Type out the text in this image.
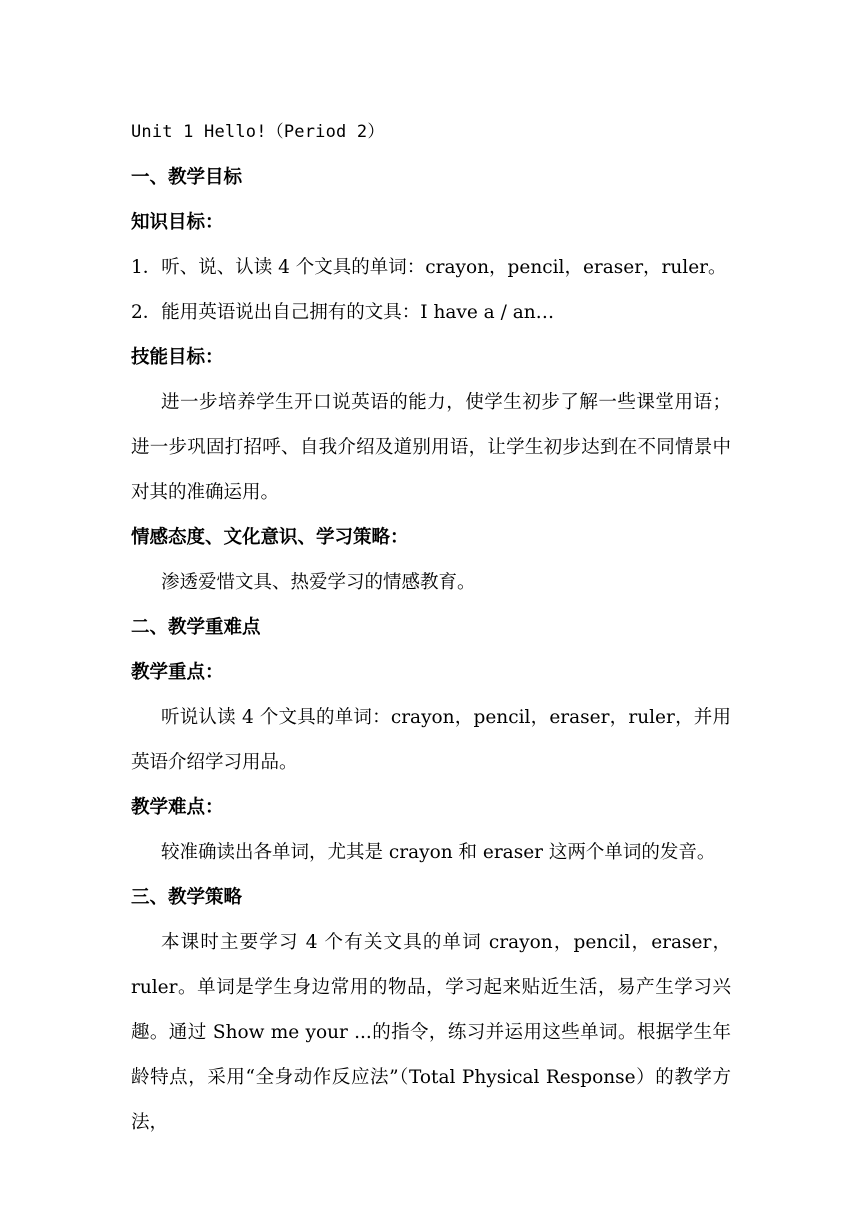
Unit 1 Hello!（Period 2）

一、教学目标

知识目标：

1．听、说、认读 4 个文具的单词：crayon，pencil，eraser，ruler。

2．能用英语说出自己拥有的文具：I have a / an…

技能目标：

进一步培养学生开口说英语的能力，使学生初步了解一些课堂用语；进一步巩固打招呼、自我介绍及道别用语，让学生初步达到在不同情景中对其的准确运用。

情感态度、文化意识、学习策略：

渗透爱惜文具、热爱学习的情感教育。

二、教学重难点

教学重点：

听说认读 4 个文具的单词：crayon，pencil，eraser，ruler，并用英语介绍学习用品。

教学难点：

较准确读出各单词，尤其是 crayon 和 eraser 这两个单词的发音。

三、教学策略

本课时主要学习 4 个有关文具的单词 crayon，pencil，eraser，ruler。单词是学生身边常用的物品，学习起来贴近生活，易产生学习兴趣。通过 Show me your ...的指令，练习并运用这些单词。根据学生年龄特点，采用“全身动作反应法”（Total Physical Response）的教学方法，
